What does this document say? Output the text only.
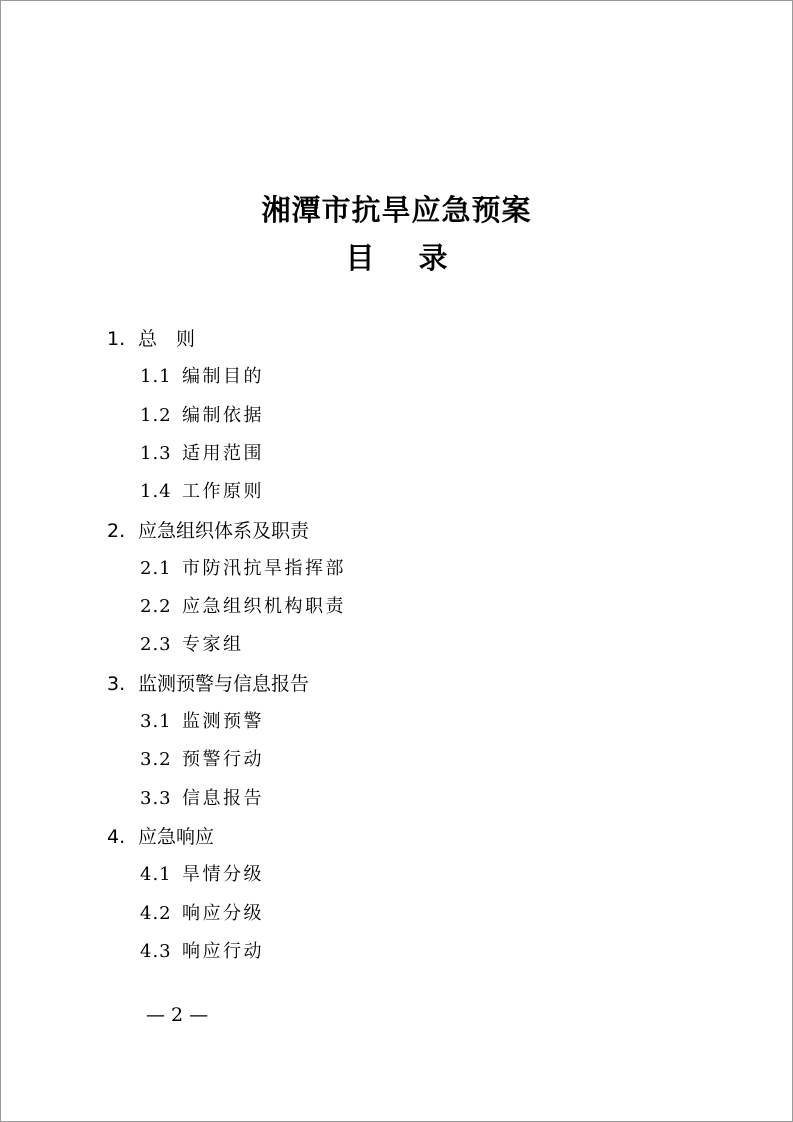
湘潭市抗旱应急预案
目录
1. 总　则
1.1 编制目的
1.2 编制依据
1.3 适用范围
1.4 工作原则
2. 应急组织体系及职责
2.1 市防汛抗旱指挥部
2.2 应急组织机构职责
2.3 专家组
3. 监测预警与信息报告
3.1 监测预警
3.2 预警行动
3.3 信息报告
4. 应急响应
4.1 旱情分级
4.2 响应分级
4.3 响应行动
— 2 —
